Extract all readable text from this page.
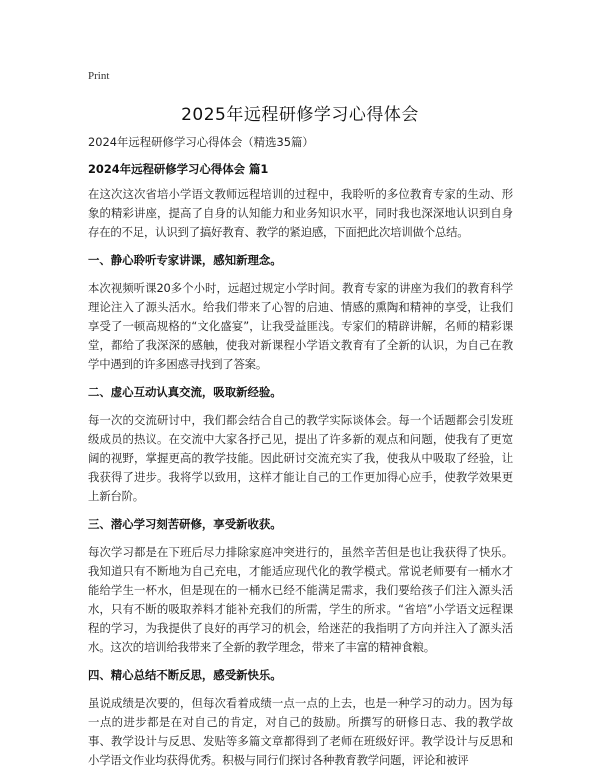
Print
2025年远程研修学习心得体会

2024年远程研修学习心得体会（精选35篇）

2024年远程研修学习心得体会 篇1

在这次这次省培小学语文教师远程培训的过程中，我聆听的多位教育专家的生动、形象的精彩讲座，提高了自身的认知能力和业务知识水平，同时我也深深地认识到自身存在的不足，认识到了搞好教育、教学的紧迫感，下面把此次培训做个总结。

一、静心聆听专家讲课，感知新理念。

本次视频听课20多个小时，远超过规定小学时间。教育专家的讲座为我们的教育科学理论注入了源头活水。给我们带来了心智的启迪、情感的熏陶和精神的享受，让我们享受了一顿高规格的“文化盛宴”，让我受益匪浅。专家们的精辟讲解，名师的精彩课堂，都给了我深深的感触，使我对新课程小学语文教育有了全新的认识，为自己在教学中遇到的许多困惑寻找到了答案。

二、虚心互动认真交流，吸取新经验。

每一次的交流研讨中，我们都会结合自己的教学实际谈体会。每一个话题都会引发班级成员的热议。在交流中大家各抒己见，提出了许多新的观点和问题，使我有了更宽阔的视野，掌握更高的教学技能。因此研讨交流充实了我，使我从中吸取了经验，让我获得了进步。我将学以致用，这样才能让自己的工作更加得心应手，使教学效果更上新台阶。

三、潜心学习刻苦研修，享受新收获。

每次学习都是在下班后尽力排除家庭冲突进行的，虽然辛苦但是也让我获得了快乐。我知道只有不断地为自己充电，才能适应现代化的教学模式。常说老师要有一桶水才能给学生一杯水，但是现在的一桶水已经不能满足需求，我们要给孩子们注入源头活水，只有不断的吸取养料才能补充我们的所需，学生的所求。“省培”小学语文远程课程的学习，为我提供了良好的再学习的机会，给迷茫的我指明了方向并注入了源头活水。这次的培训给我带来了全新的教学理念，带来了丰富的精神食粮。

四、精心总结不断反思，感受新快乐。

虽说成绩是次要的，但每次看着成绩一点一点的上去，也是一种学习的动力。因为每一点的进步都是在对自己的肯定，对自己的鼓励。所撰写的研修日志、我的教学故事、教学设计与反思、发贴等多篇文章都得到了老师在班级好评。教学设计与反思和小学语文作业均获得优秀。积极与同行们探讨各种教育教学问题，评论和被评
